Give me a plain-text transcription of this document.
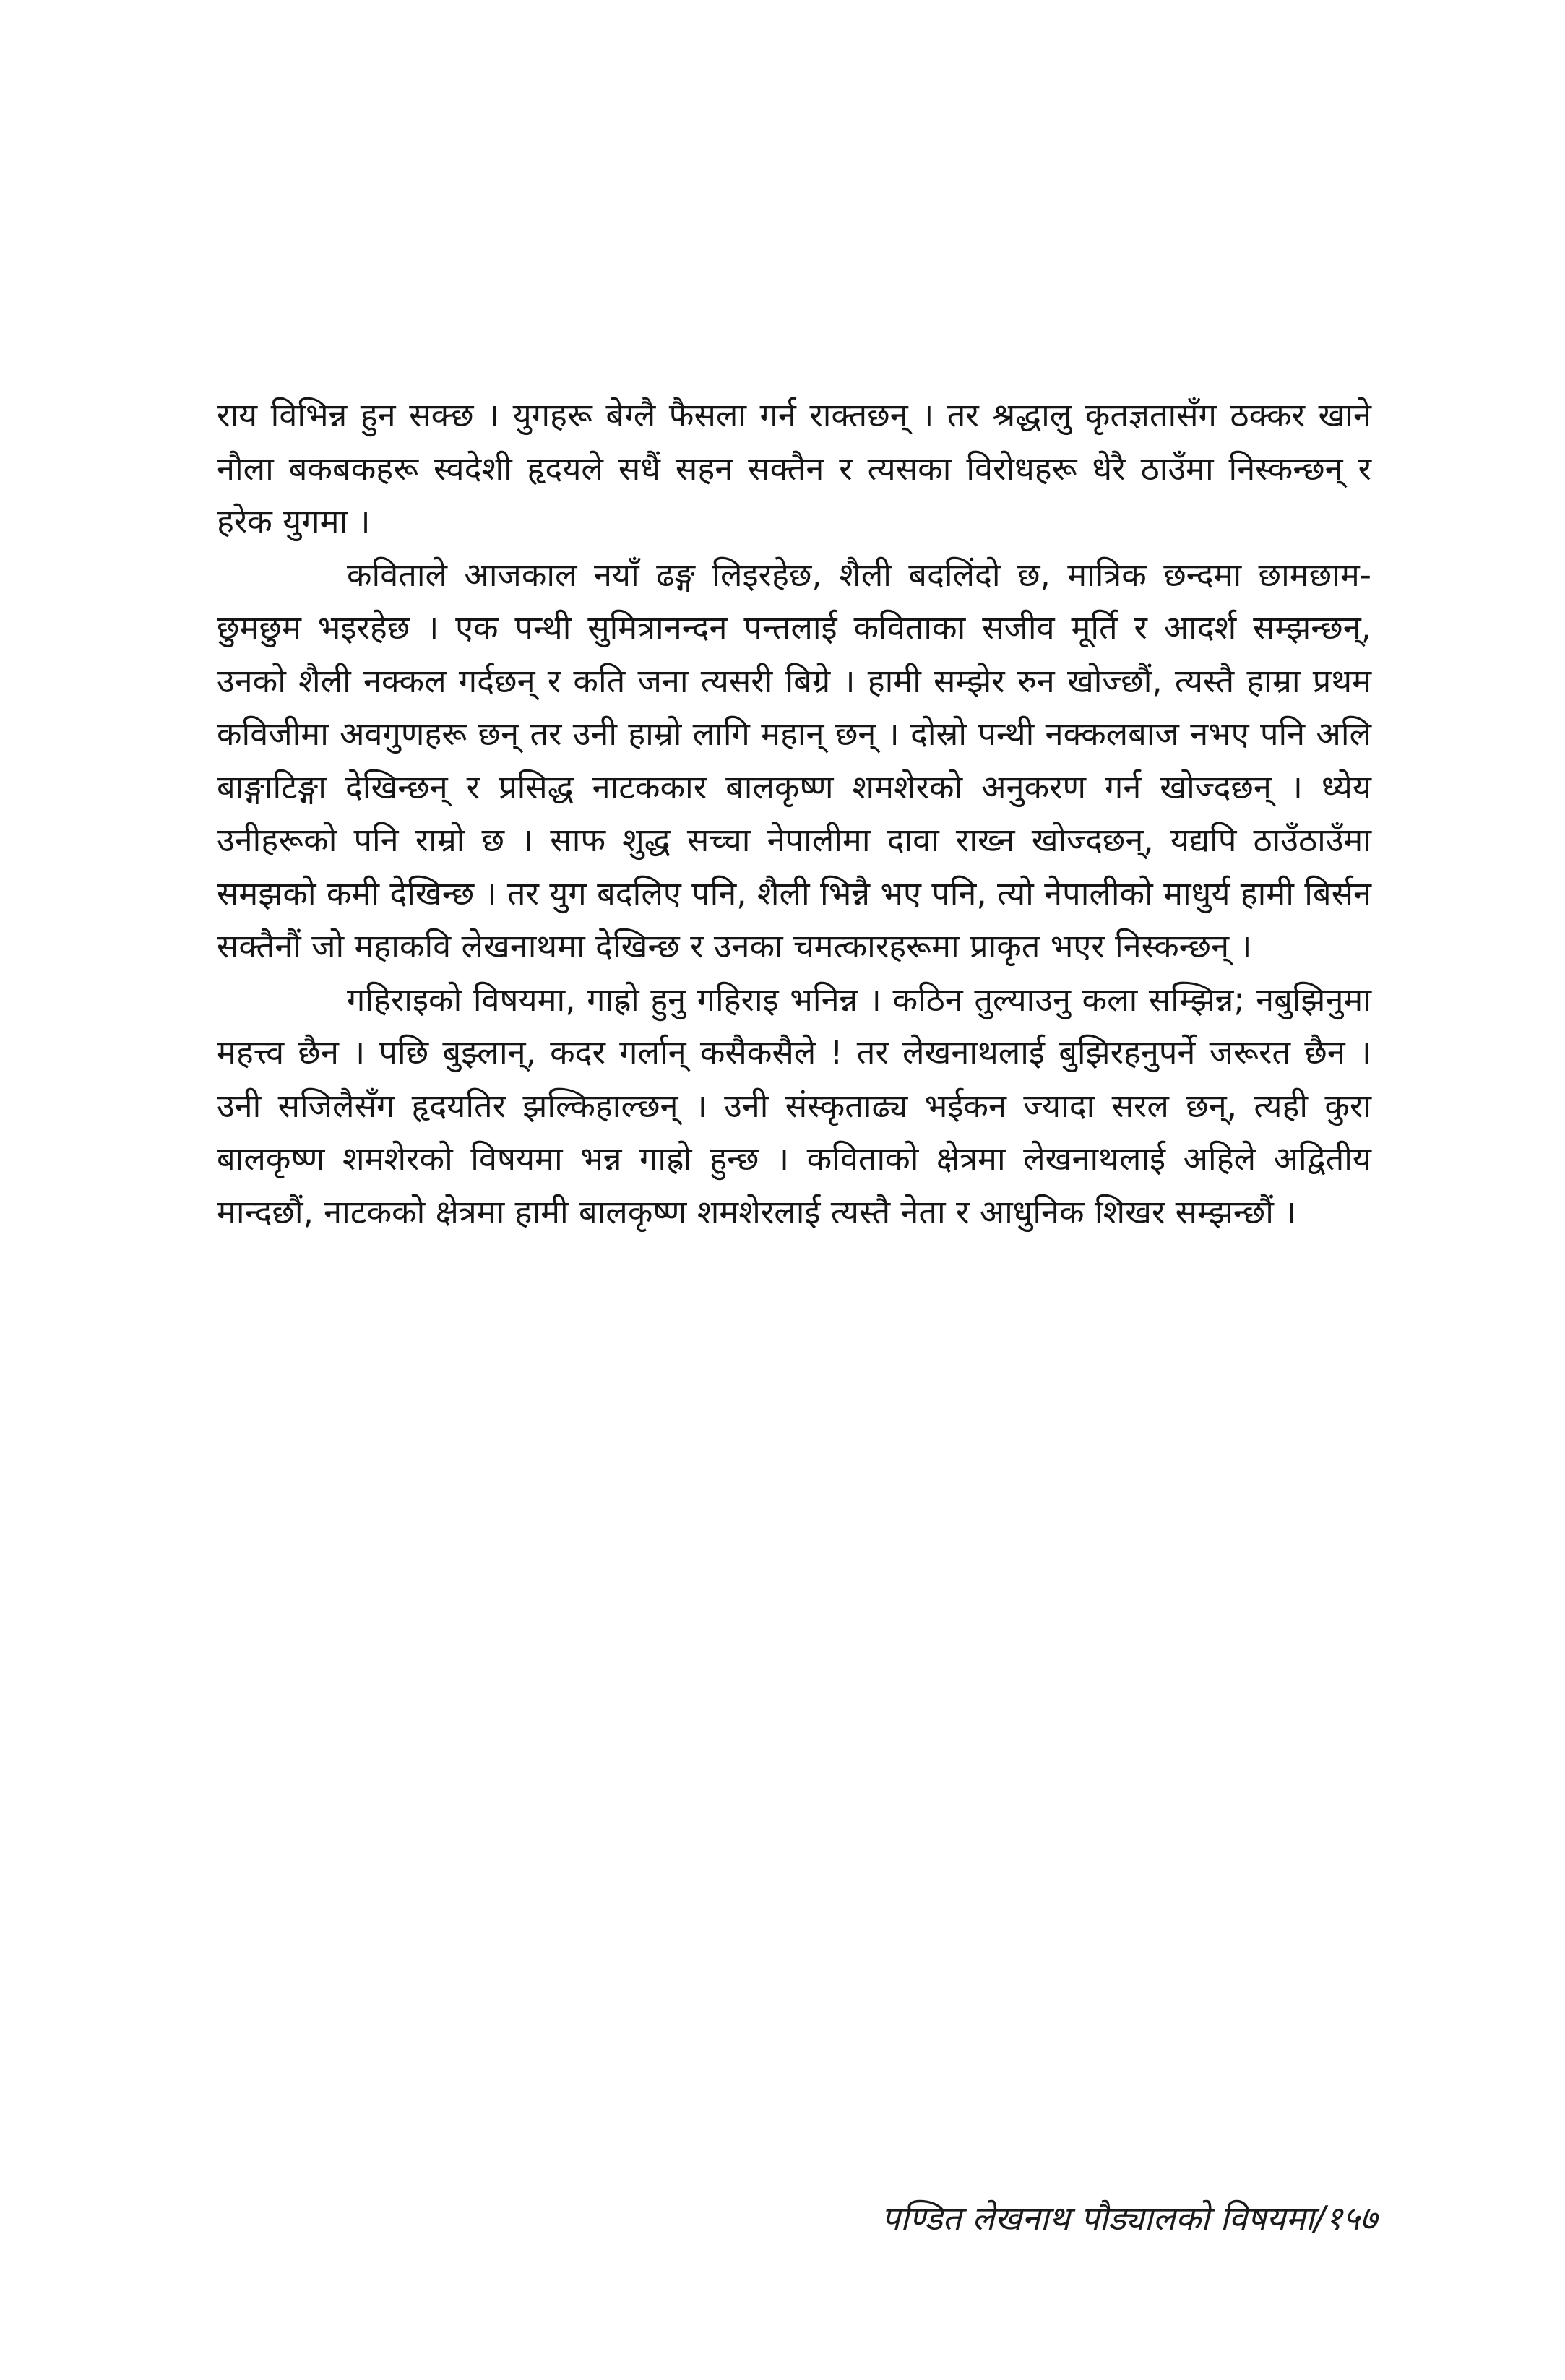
राय विभिन्न हुन सक्छ । युगहरू बेग्लै फैसला गर्न राक्तछन् । तर श्रद्धालु कृतज्ञतासँग ठक्कर खाने नौला बकबकहरू स्वदेशी हृदयले सधैं सहन सक्तैन र त्यसका विरोधहरू धेरै ठाउँमा निस्कन्छन् र हरेक युगमा ।

कविताले आजकाल नयाँ ढङ्ग लिइरहेछ, शैली बदलिंदो छ, मात्रिक छन्दमा छामछाम-छुमछुम भइरहेछ । एक पन्थी सुमित्रानन्दन पन्तलाई कविताका सजीव मूर्ति र आदर्श सम्झन्छन्, उनको शैली नक्कल गर्दछन् र कति जना त्यसरी बिग्रे । हामी सम्झेर रुन खोज्छौं, त्यस्तै हाम्रा प्रथम कविजीमा अवगुणहरू छन् तर उनी हाम्रो लागि महान् छन् । दोस्रो पन्थी नक्कलबाज नभए पनि अलि बाङ्गाटिङ्गा देखिन्छन् र प्रसिद्ध नाटककार बालकृष्ण शमशेरको अनुकरण गर्न खोज्दछन् । ध्येय उनीहरूको पनि राम्रो छ । साफ शुद्ध सच्चा नेपालीमा दावा राख्न खोज्दछन्, यद्यपि ठाउँठाउँमा समझको कमी देखिन्छ । तर युग बदलिए पनि, शैली भिन्नै भए पनि, त्यो नेपालीको माधुर्य हामी बिर्सन सक्तैनौं जो महाकवि लेखनाथमा देखिन्छ र उनका चमत्कारहरूमा प्राकृत भएर निस्कन्छन् ।

गहिराइको विषयमा, गाह्रो हुनु गहिराइ भनिन्न । कठिन तुल्याउनु कला सम्झिन्न; नबुझिनुमा महत्त्व छैन । पछि बुझ्लान्, कदर गर्लान् कसैकसैले ! तर लेखनाथलाई बुझिरहनुपर्ने जरूरत छैन । उनी सजिलैसँग हृदयतिर झल्किहाल्छन् । उनी संस्कृताढ्य भईकन ज्यादा सरल छन्, त्यही कुरा बालकृष्ण शमशेरको विषयमा भन्न गाह्रो हुन्छ । कविताको क्षेत्रमा लेखनाथलाई अहिले अद्वितीय मान्दछौं, नाटकको क्षेत्रमा हामी बालकृष्ण शमशेरलाई त्यस्तै नेता र आधुनिक शिखर सम्झन्छौं ।

पण्डित लेखनाथ पौड्यालको विषयमा/१५७
